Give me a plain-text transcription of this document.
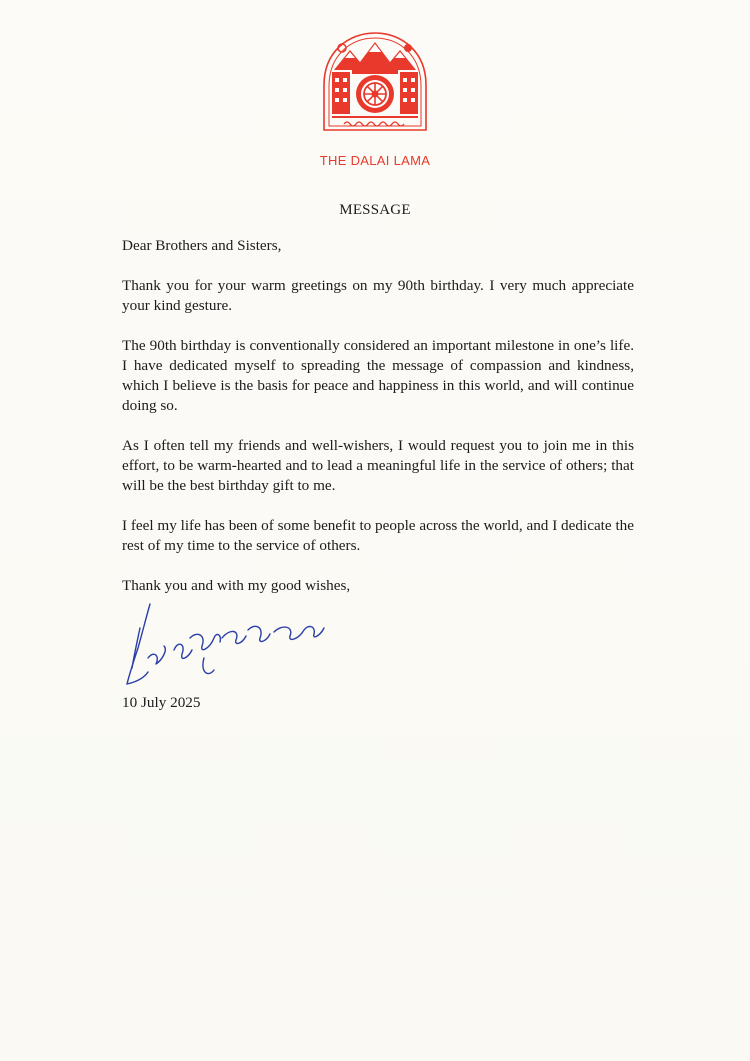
THE DALAI LAMA
MESSAGE

Dear Brothers and Sisters,

Thank you for your warm greetings on my 90th birthday. I very much appreciate your kind gesture.

The 90th birthday is conventionally considered an important milestone in one’s life. I have dedicated myself to spreading the message of compassion and kindness, which I believe is the basis for peace and happiness in this world, and will continue doing so.

As I often tell my friends and well-wishers, I would request you to join me in this effort, to be warm-hearted and to lead a meaningful life in the service of others; that will be the best birthday gift to me.

I feel my life has been of some benefit to people across the world, and I dedicate the rest of my time to the service of others.

Thank you and with my good wishes,

10 July 2025
